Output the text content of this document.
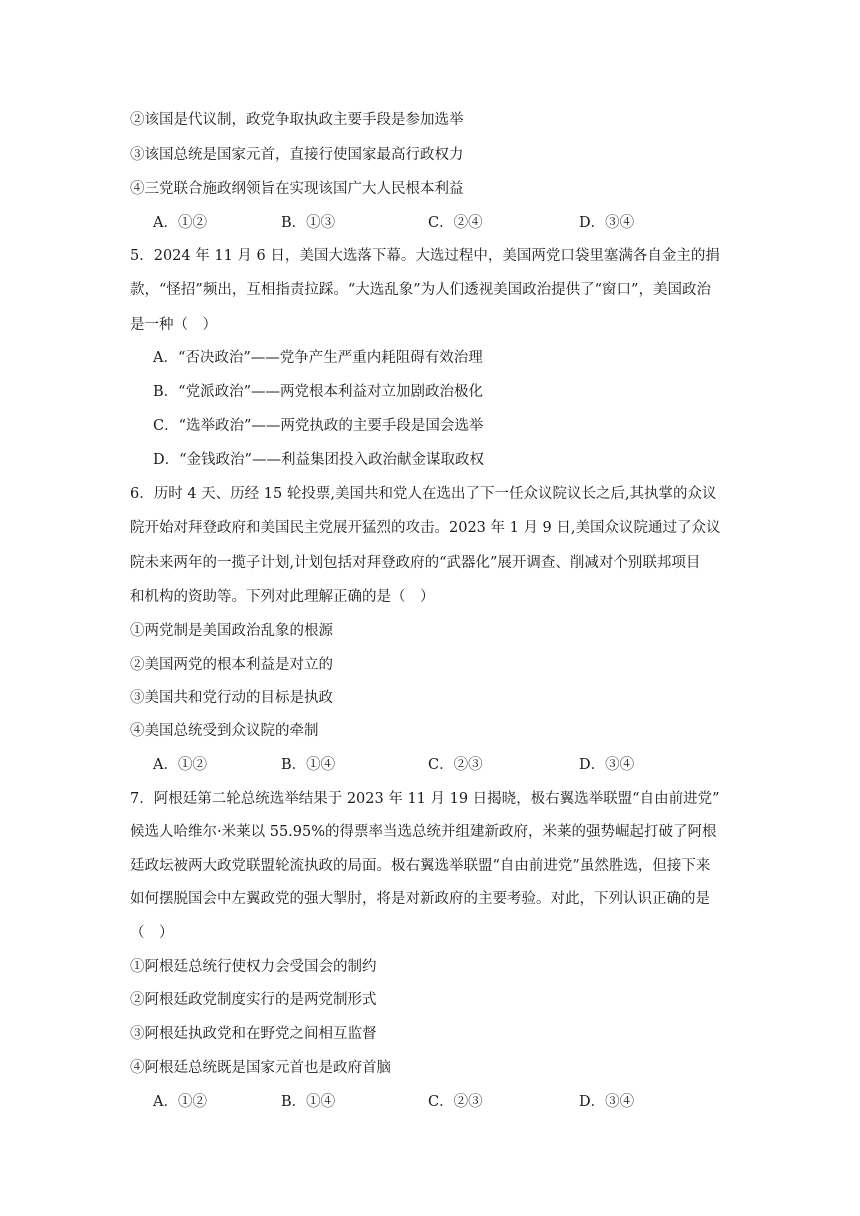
②该国是代议制，政党争取执政主要手段是参加选举
③该国总统是国家元首，直接行使国家最高行政权力
④三党联合施政纲领旨在实现该国广大人民根本利益
A．①②	B．①③	C．②④	D．③④
5．2024 年 11 月 6 日，美国大选落下幕。大选过程中，美国两党口袋里塞满各自金主的捐
款，“怪招”频出，互相指责拉踩。“大选乱象”为人们透视美国政治提供了“窗口”，美国政治
是一种（　）
A．“否决政治”——党争产生严重内耗阻碍有效治理
B．“党派政治”——两党根本利益对立加剧政治极化
C．“选举政治”——两党执政的主要手段是国会选举
D．“金钱政治”——利益集团投入政治献金谋取政权
6．历时 4 天、历经 15 轮投票,美国共和党人在选出了下一任众议院议长之后,其执掌的众议
院开始对拜登政府和美国民主党展开猛烈的攻击。2023 年 1 月 9 日,美国众议院通过了众议
院未来两年的一揽子计划,计划包括对拜登政府的“武器化”展开调查、削减对个别联邦项目
和机构的资助等。下列对此理解正确的是（　）
①两党制是美国政治乱象的根源
②美国两党的根本利益是对立的
③美国共和党行动的目标是执政
④美国总统受到众议院的牵制
A．①②	B．①④	C．②③	D．③④
7．阿根廷第二轮总统选举结果于 2023 年 11 月 19 日揭晓，极右翼选举联盟“自由前进党”
候选人哈维尔·米莱以 55.95%的得票率当选总统并组建新政府，米莱的强势崛起打破了阿根
廷政坛被两大政党联盟轮流执政的局面。极右翼选举联盟“自由前进党”虽然胜选，但接下来
如何摆脱国会中左翼政党的强大掣肘，将是对新政府的主要考验。对此，下列认识正确的是
（　）
①阿根廷总统行使权力会受国会的制约
②阿根廷政党制度实行的是两党制形式
③阿根廷执政党和在野党之间相互监督
④阿根廷总统既是国家元首也是政府首脑
A．①②	B．①④	C．②③	D．③④
